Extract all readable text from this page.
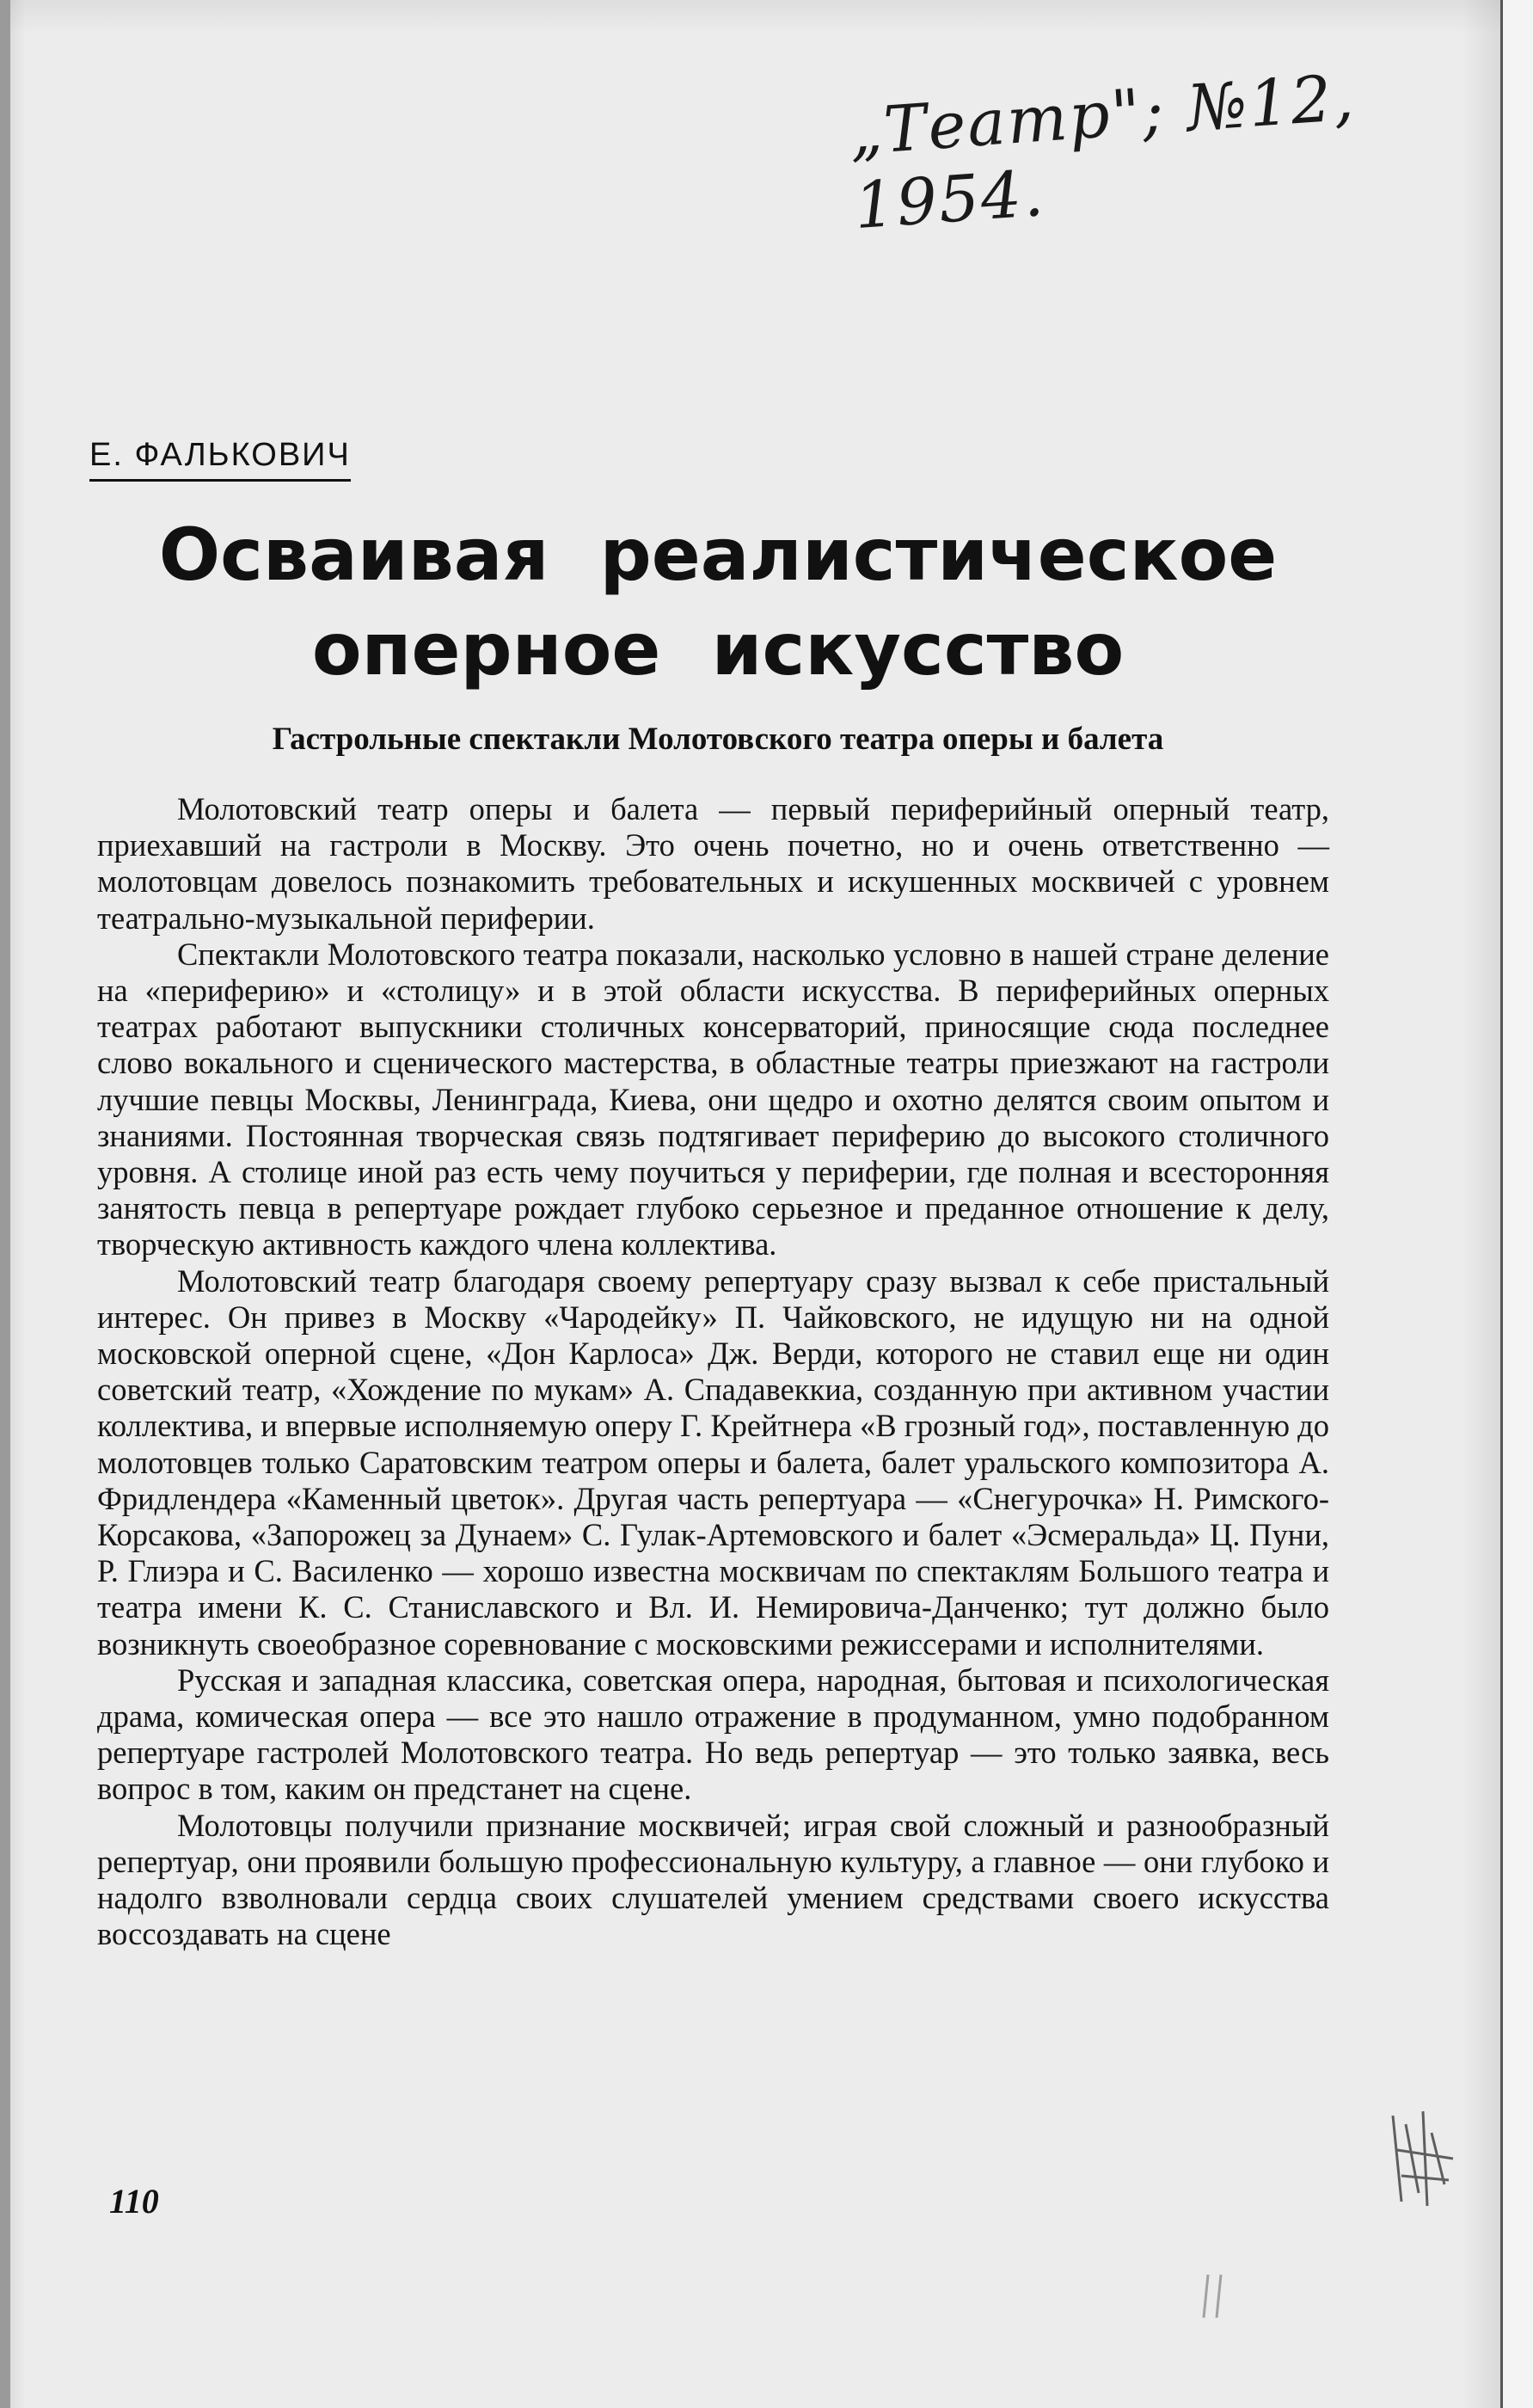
„Театр"; №12, 1954.
Е. ФАЛЬКОВИЧ
Осваивая реалистическое оперное искусство
Гастрольные спектакли Молотовского театра оперы и балета

Молотовский театр оперы и балета — первый периферийный оперный театр, приехавший на гастроли в Москву. Это очень почетно, но и очень ответственно — молотовцам довелось познакомить требовательных и искушенных москвичей с уровнем театрально-музыкальной периферии.

Спектакли Молотовского театра показали, насколько условно в нашей стране деление на «периферию» и «столицу» и в этой области искусства. В периферийных оперных театрах работают выпускники столичных консерваторий, приносящие сюда последнее слово вокального и сценического мастерства, в областные театры приезжают на гастроли лучшие певцы Москвы, Ленинграда, Киева, они щедро и охотно делятся своим опытом и знаниями. Постоянная творческая связь подтягивает периферию до высокого столичного уровня. А столице иной раз есть чему поучиться у периферии, где полная и всесторонняя занятость певца в репертуаре рождает глубоко серьезное и преданное отношение к делу, творческую активность каждого члена коллектива.

Молотовский театр благодаря своему репертуару сразу вызвал к себе пристальный интерес. Он привез в Москву «Чародейку» П. Чайковского, не идущую ни на одной московской оперной сцене, «Дон Карлоса» Дж. Верди, которого не ставил еще ни один советский театр, «Хождение по мукам» А. Спадавеккиа, созданную при активном участии коллектива, и впервые исполняемую оперу Г. Крейтнера «В грозный год», поставленную до молотовцев только Саратовским театром оперы и балета, балет уральского композитора А. Фридлендера «Каменный цветок». Другая часть репертуара — «Снегурочка» Н. Римского-Корсакова, «Запорожец за Дунаем» С. Гулак-Артемовского и балет «Эсмеральда» Ц. Пуни, Р. Глиэра и С. Василенко — хорошо известна москвичам по спектаклям Большого театра и театра имени К. С. Станиславского и Вл. И. Немировича-Данченко; тут должно было возникнуть своеобразное соревнование с московскими режиссерами и исполнителями.

Русская и западная классика, советская опера, народная, бытовая и психологическая драма, комическая опера — все это нашло отражение в продуманном, умно подобранном репертуаре гастролей Молотовского театра. Но ведь репертуар — это только заявка, весь вопрос в том, каким он предстанет на сцене.

Молотовцы получили признание москвичей; играя свой сложный и разнообразный репертуар, они проявили большую профессиональную культуру, а главное — они глубоко и надолго взволновали сердца своих слушателей умением средствами своего искусства воссоздавать на сцене

110
